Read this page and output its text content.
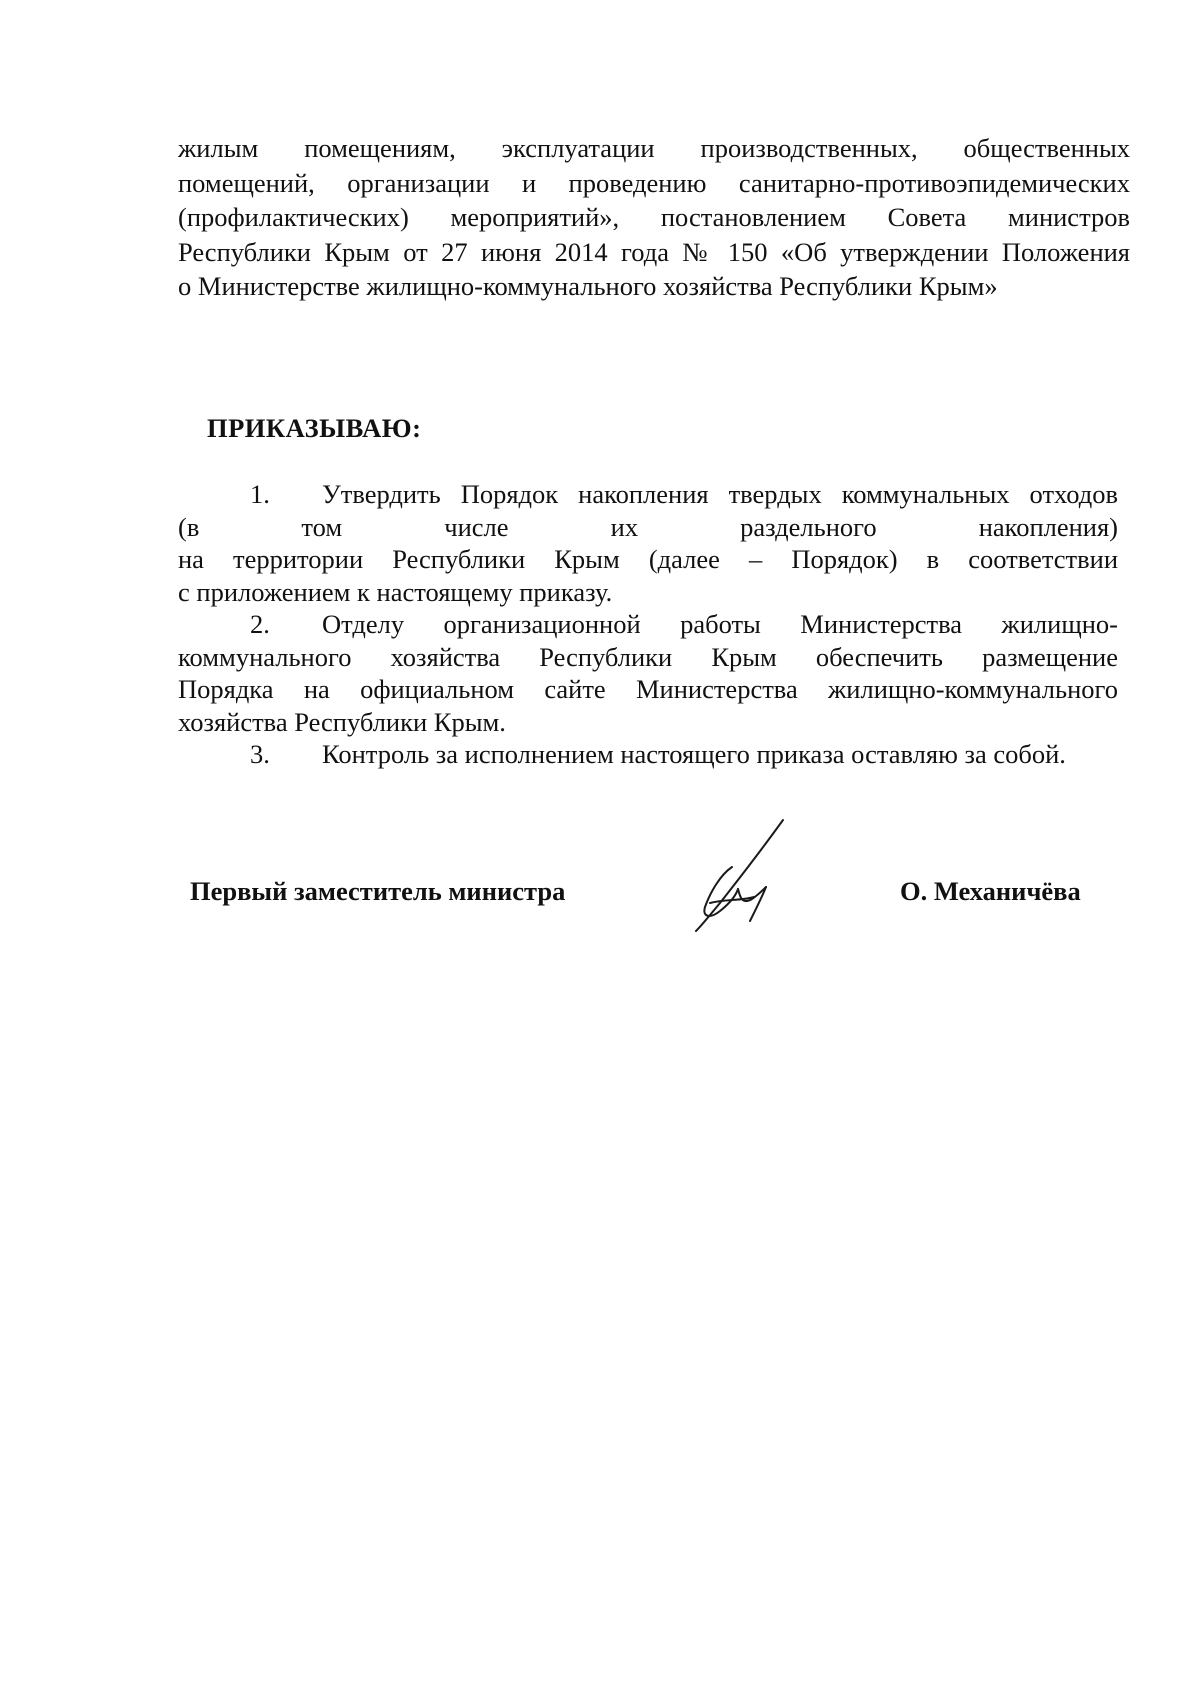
жилым помещениям, эксплуатации производственных, общественных
помещений, организации и проведению санитарно-противоэпидемических
(профилактических) мероприятий», постановлением Совета министров
Республики Крым от 27 июня 2014 года № 150 «Об утверждении Положения
о Министерстве жилищно-коммунального хозяйства Республики Крым»
ПРИКАЗЫВАЮ:
1.	Утвердить Порядок накопления твердых коммунальных отходов
(в том числе их раздельного накопления)
на территории Республики Крым (далее – Порядок) в соответствии
с приложением к настоящему приказу.
2.	Отделу организационной работы Министерства жилищно-
коммунального хозяйства Республики Крым обеспечить размещение
Порядка на официальном сайте Министерства жилищно-коммунального
хозяйства Республики Крым.
3.	Контроль за исполнением настоящего приказа оставляю за собой.
Первый заместитель министра	О. Механичёва
